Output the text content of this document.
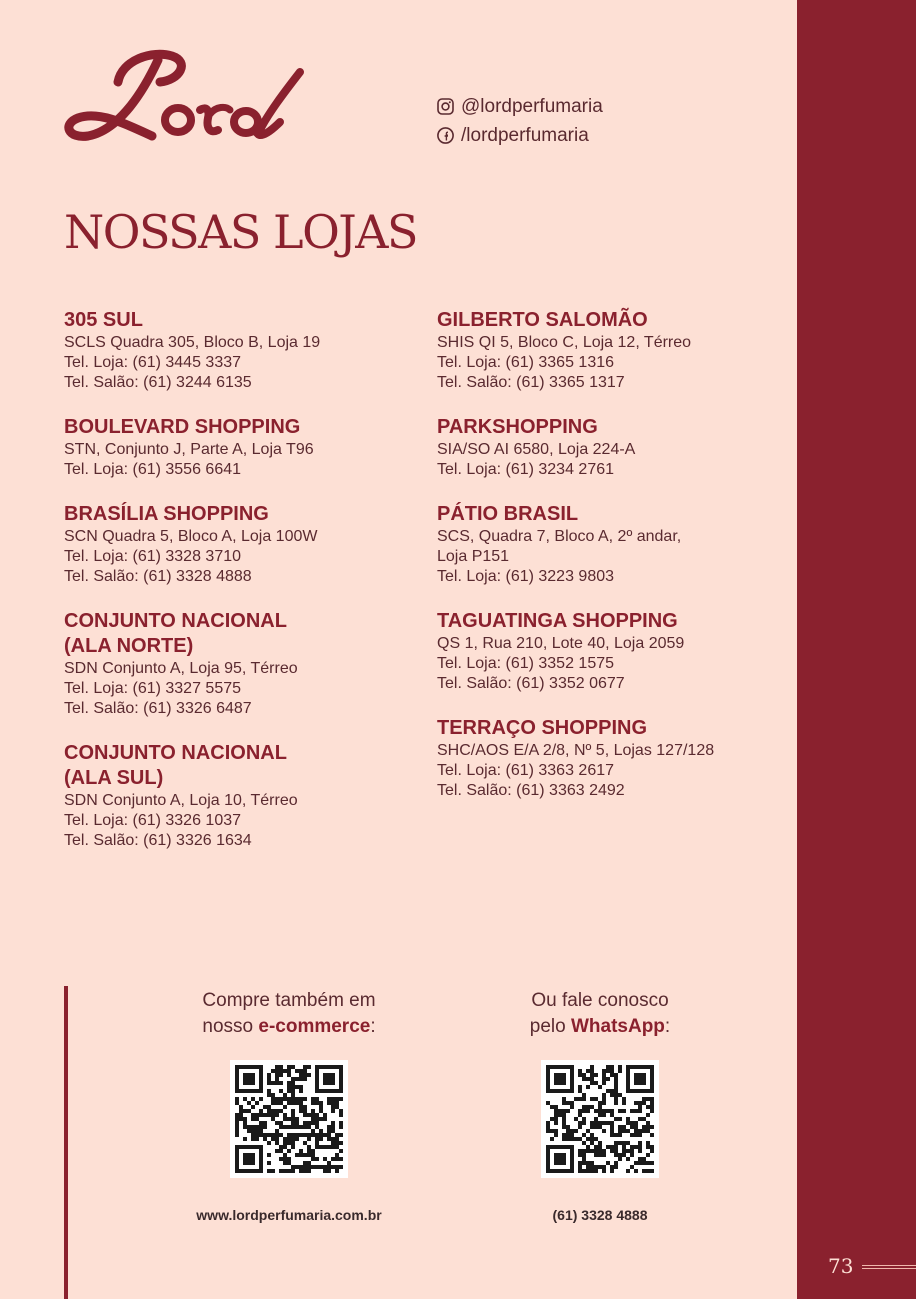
73
@lordperfumaria
/lordperfumaria
NOSSAS LOJAS
305 SUL
SCLS Quadra 305, Bloco B, Loja 19
Tel. Loja: (61) 3445 3337
Tel. Salão: (61) 3244 6135
BOULEVARD SHOPPING
STN, Conjunto J, Parte A, Loja T96
Tel. Loja: (61) 3556 6641
BRASÍLIA SHOPPING
SCN Quadra 5, Bloco A, Loja 100W
Tel. Loja: (61) 3328 3710
Tel. Salão: (61) 3328 4888
CONJUNTO NACIONAL
(ALA NORTE)
SDN Conjunto A, Loja 95, Térreo
Tel. Loja: (61) 3327 5575
Tel. Salão: (61) 3326 6487
CONJUNTO NACIONAL
(ALA SUL)
SDN Conjunto A, Loja 10, Térreo
Tel. Loja: (61) 3326 1037
Tel. Salão: (61) 3326 1634
GILBERTO SALOMÃO
SHIS QI 5, Bloco C, Loja 12, Térreo
Tel. Loja: (61) 3365 1316
Tel. Salão: (61) 3365 1317
PARKSHOPPING
SIA/SO AI 6580, Loja 224-A
Tel. Loja: (61) 3234 2761
PÁTIO BRASIL
SCS, Quadra 7, Bloco A, 2º andar,
Loja P151
Tel. Loja: (61) 3223 9803
TAGUATINGA SHOPPING
QS 1, Rua 210, Lote 40, Loja 2059
Tel. Loja: (61) 3352 1575
Tel. Salão: (61) 3352 0677
TERRAÇO SHOPPING
SHC/AOS E/A 2/8, Nº 5, Lojas 127/128
Tel. Loja: (61) 3363 2617
Tel. Salão: (61) 3363 2492
Compre também em
nosso e-commerce:
Ou fale conosco
pelo WhatsApp:
www.lordperfumaria.com.br	(61) 3328 4888
